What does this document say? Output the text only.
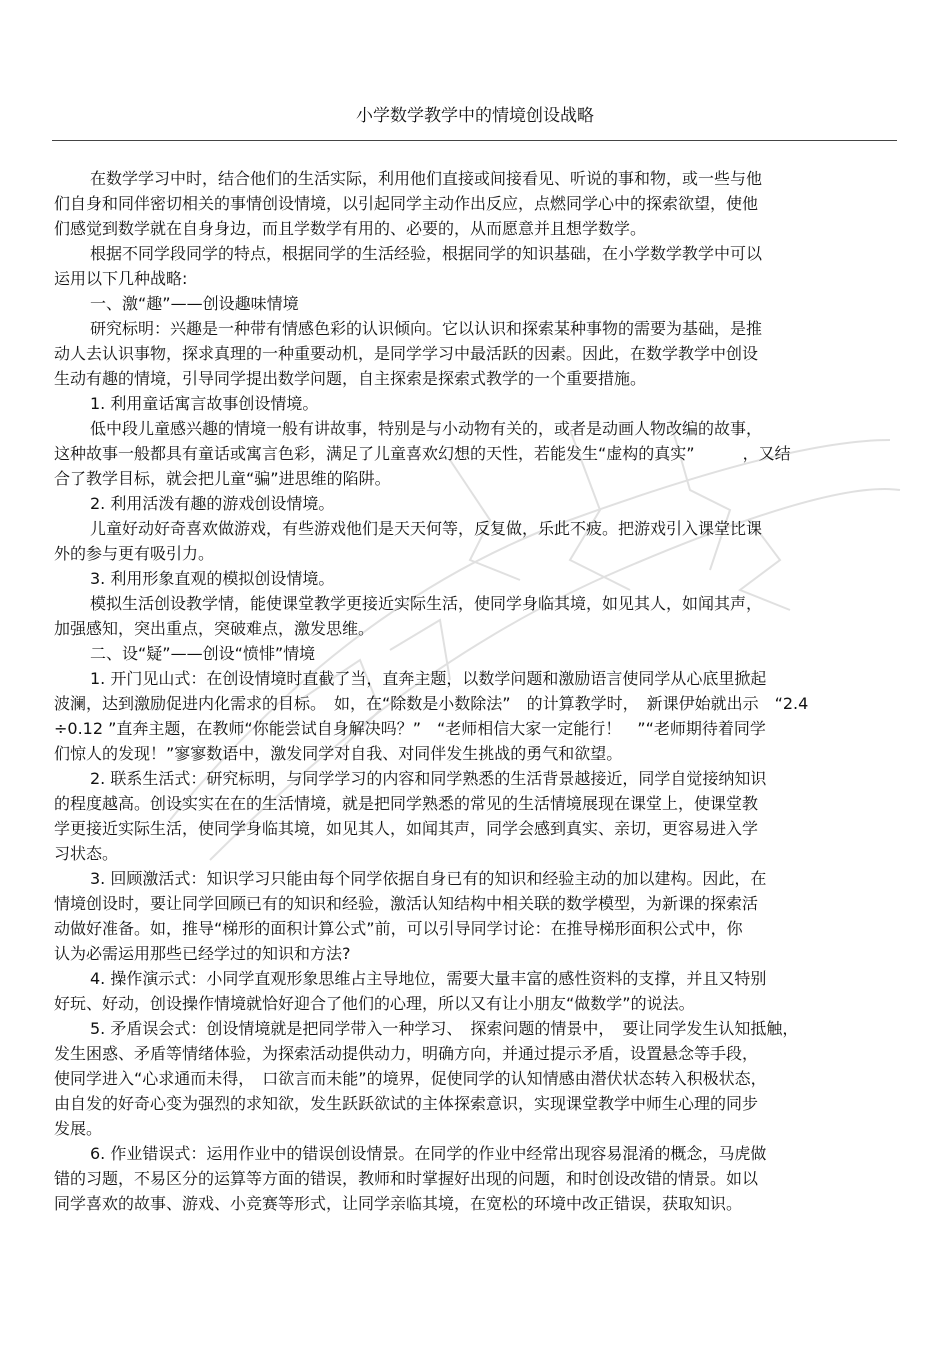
小学数学教学中的情境创设战略
在数学学习中时，结合他们的生活实际，利用他们直接或间接看见、听说的事和物，或一些与他
们自身和同伴密切相关的事情创设情境，以引起同学主动作出反应，点燃同学心中的探索欲望，使他
们感觉到数学就在自身身边，而且学数学有用的、必要的，从而愿意并且想学数学。
根据不同学段同学的特点，根据同学的生活经验，根据同学的知识基础，在小学数学教学中可以
运用以下几种战略:
一、激“趣”——创设趣味情境
研究标明：兴趣是一种带有情感色彩的认识倾向。它以认识和探索某种事物的需要为基础，是推
动人去认识事物，探求真理的一种重要动机，是同学学习中最活跃的因素。因此，在数学教学中创设
生动有趣的情境，引导同学提出数学问题，自主探索是探索式教学的一个重要措施。
1. 利用童话寓言故事创设情境。
低中段儿童感兴趣的情境一般有讲故事，特别是与小动物有关的，或者是动画人物改编的故事，
这种故事一般都具有童话或寓言色彩，满足了儿童喜欢幻想的天性，若能发生“虚构的真实”　　　，又结
合了教学目标，就会把儿童“骗”进思维的陷阱。
2. 利用活泼有趣的游戏创设情境。
儿童好动好奇喜欢做游戏，有些游戏他们是天天何等，反复做，乐此不疲。把游戏引入课堂比课
外的参与更有吸引力。
3. 利用形象直观的模拟创设情境。
模拟生活创设教学情，能使课堂教学更接近实际生活，使同学身临其境，如见其人，如闻其声，
加强感知，突出重点，突破难点，激发思维。
二、设“疑”——创设“愤悱”情境
1. 开门见山式：在创设情境时直截了当，直奔主题，以数学问题和激励语言使同学从心底里掀起
波澜，达到激励促进内化需求的目标。　如，在“除数是小数除法”　的计算教学时，　新课伊始就出示　“2.4
÷0.12 ”直奔主题，在教师“你能尝试自身解决吗？”　“老师相信大家一定能行！　”“老师期待着同学
们惊人的发现！”寥寥数语中，激发同学对自我、对同伴发生挑战的勇气和欲望。
2. 联系生活式：研究标明，与同学学习的内容和同学熟悉的生活背景越接近，同学自觉接纳知识
的程度越高。创设实实在在的生活情境，就是把同学熟悉的常见的生活情境展现在课堂上，使课堂教
学更接近实际生活，使同学身临其境，如见其人，如闻其声，同学会感到真实、亲切，更容易进入学
习状态。
3. 回顾激活式：知识学习只能由每个同学依据自身已有的知识和经验主动的加以建构。因此，在
情境创设时，要让同学回顾已有的知识和经验，激活认知结构中相关联的数学模型，为新课的探索活
动做好准备。如，推导“梯形的面积计算公式”前，可以引导同学讨论：在推导梯形面积公式中，你
认为必需运用那些已经学过的知识和方法?
4. 操作演示式：小同学直观形象思维占主导地位，需要大量丰富的感性资料的支撑，并且又特别
好玩、好动，创设操作情境就恰好迎合了他们的心理，所以又有让小朋友“做数学”的说法。
5. 矛盾误会式：创设情境就是把同学带入一种学习、　探索问题的情景中，　要让同学发生认知抵触，
发生困惑、矛盾等情绪体验，为探索活动提供动力，明确方向，并通过提示矛盾，设置悬念等手段，
使同学进入“心求通而未得，　口欲言而未能”的境界，促使同学的认知情感由潜伏状态转入积极状态，
由自发的好奇心变为强烈的求知欲，发生跃跃欲试的主体探索意识，实现课堂教学中师生心理的同步
发展。
6. 作业错误式：运用作业中的错误创设情景。在同学的作业中经常出现容易混淆的概念，马虎做
错的习题，不易区分的运算等方面的错误，教师和时掌握好出现的问题，和时创设改错的情景。如以
同学喜欢的故事、游戏、小竞赛等形式，让同学亲临其境，在宽松的环境中改正错误，获取知识。
